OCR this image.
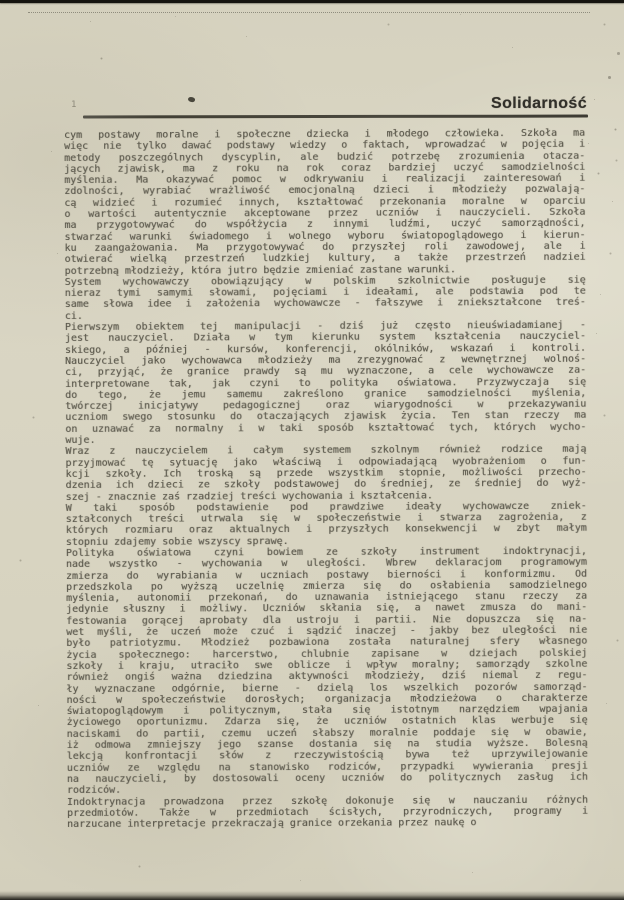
1	Solidarność
cym postawy moralne i społeczne dziecka i młodego człowieka. Szkoła ma
więc nie tylko dawać podstawy wiedzy o faktach, wprowadzać w pojęcia i
metody poszczególnych dyscyplin, ale budzić potrzebę zrozumienia otacza-
jących zjawisk, ma z roku na rok coraz bardziej uczyć samodzielności
myślenia. Ma okazywać pomoc w odkrywaniu i realizacji zainteresowań i
zdolności, wyrabiać wrażliwość emocjonalną dzieci i młodzieży pozwalają-
cą widzieć i rozumieć innych, kształtować przekonania moralne w oparciu
o wartości autentycznie akceptowane przez uczniów i nauczycieli. Szkoła
ma przygotowywać do współżycia z innymi ludźmi, uczyć samorządności,
stwarzać warunki świadomego i wolnego wyboru światopoglądowego i kierun-
ku zaangażowania. Ma przygotowywać do przyszłej roli zawodowej, ale i
otwierać wielką przestrzeń ludzkiej kultury, a także przestrzeń nadziei
potrzebną młodzieży, która jutro będzie zmieniać zastane warunki.
System wychowawczy obowiązujący w polskim szkolnictwie posługuje się
nieraz tymi samymi słowami, pojęciami i ideałami, ale podstawia pod te
same słowa idee i założenia wychowawcze - fałszywe i zniekształcone treś-
ci.
Pierwszym obiektem tej manipulacji - dziś już często nieuświadamianej -
jest nauczyciel. Działa w tym kierunku system kształcenia nauczyciel-
skiego, a później - kursów, konferencji, okólników, wskazań i kontroli.
Nauczyciel jako wychowawca młodzieży ma zrezygnować z wewnętrznej wolnoś-
ci, przyjąć, że granice prawdy są mu wyznaczone, a cele wychowawcze za-
interpretowane tak, jak czyni to polityka oświatowa. Przyzwyczaja się
do tego, że jemu samemu zakreślono granice samodzielności myślenia,
twórczej inicjatywy pedagogicznej oraz wiarygodności w przekazywaniu
uczniom swego stosunku do otaczających zjawisk życia. Ten stan rzeczy ma
on uznawać za normalny i w taki sposób kształtować tych, których wycho-
wuje.
Wraz z nauczycielem i całym systemem szkolnym również rodzice mają
przyjmować tę sytuację jako właściwą i odpowiadającą wyobrażeniom o fun-
kcji szkoły. Ich troską są przede wszystkim stopnie, możliwości przecho-
dzenia ich dzieci ze szkoły podstawowej do średniej, ze średniej do wyż-
szej - znacznie zaś rzadziej treści wychowania i kształcenia.
W taki sposób podstawienie pod prawdziwe ideały wychowawcze zniek-
ształconych treści utrwala się w społeczeństwie i stwarza zagrożenia, z
których rozmiaru oraz aktualnych i przyszłych konsekwencji w zbyt małym
stopniu zdajemy sobie wszyscy sprawę.
Polityka oświatowa czyni bowiem ze szkoły instrument indoktrynacji,
nade wszystko - wychowania w uległości. Wbrew deklaracjom programowym
zmierza do wyrabiania w uczniach postawy bierności i konformizmu. Od
przedszkola po wyższą uczelnię zmierza się do osłabienia samodzielnego
myślenia, autonomii przekonań, do uznawania istniejącego stanu rzeczy za
jedynie słuszny i możliwy. Uczniów skłania się, a nawet zmusza do mani-
festowania gorącej aprobaty dla ustroju i partii. Nie dopuszcza się na-
wet myśli, że uczeń może czuć i sądzić inaczej - jakby bez uległości nie
było patriotyzmu. Młodzież pozbawiona została naturalnej sfery własnego
życia społecznego: harcerstwo, chlubnie zapisane w dziejach polskiej
szkoły i kraju, utraciło swe oblicze i wpływ moralny; samorządy szkolne
również ongiś ważna dziedzina aktywności młodzieży, dziś niemal z regu-
ły wyznaczane odgórnie, bierne - dzielą los wszelkich pozorów samorząd-
ności w społeczeństwie dorosłych; organizacja młodzieżowa o charakterze
światopoglądowym i politycznym, stała się istotnym narzędziem wpajania
życiowego oportunizmu. Zdarza się, że uczniów ostatnich klas werbuje się
naciskami do partii, czemu uczeń słabszy moralnie poddaje się w obawie,
iż odmowa zmniejszy jego szanse dostania się na studia wyższe. Bolesną
lekcją konfrontacji słów z rzeczywistością bywa też uprzywilejowanie
uczniów ze względu na stanowisko rodziców, przypadki wywierania presji
na nauczycieli, by dostosowali oceny uczniów do politycznych zasług ich
rodziców.
Indoktrynacja prowadzona przez szkołę dokonuje się w nauczaniu różnych
przedmiotów. Także w przedmiotach ścisłych, przyrodniczych, programy i
narzucane interpretacje przekraczają granice orzekania przez naukę o
